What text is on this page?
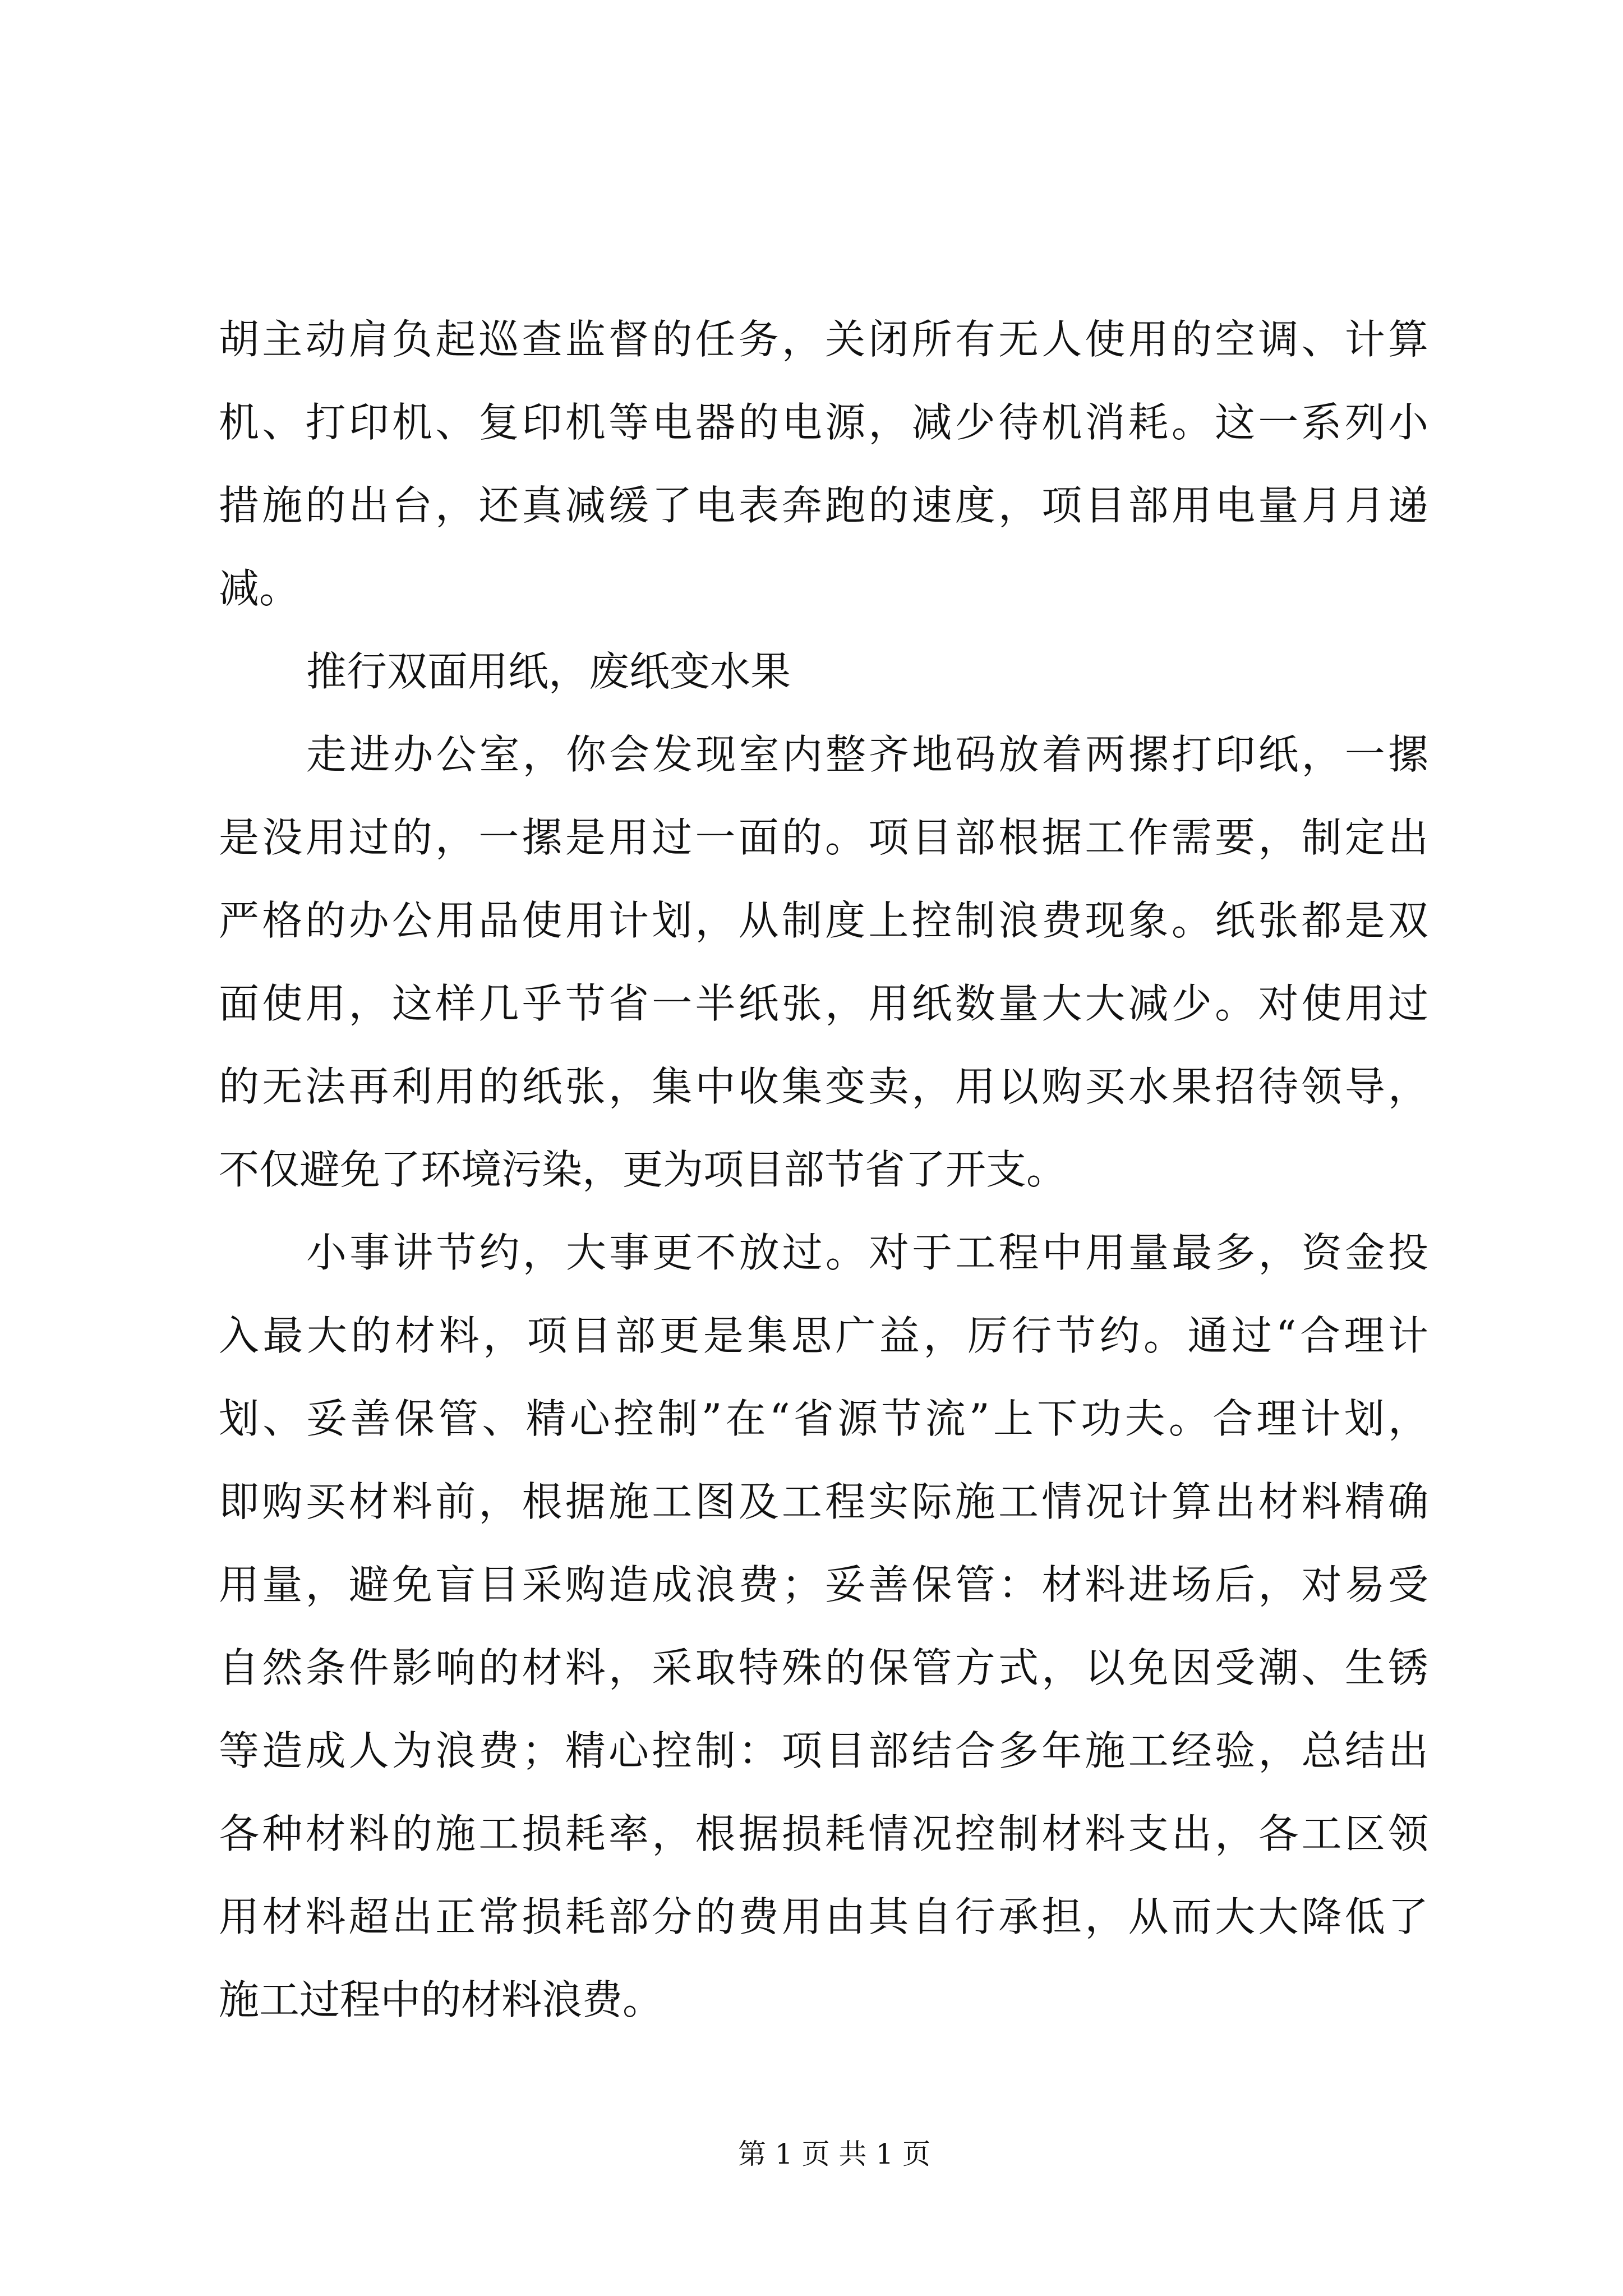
胡主动肩负起巡查监督的任务，关闭所有无人使用的空调、计算
机、打印机、复印机等电器的电源，减少待机消耗。这一系列小
措施的出台，还真减缓了电表奔跑的速度，项目部用电量月月递
减。
推行双面用纸，废纸变水果
走进办公室，你会发现室内整齐地码放着两摞打印纸，一摞
是没用过的，一摞是用过一面的。项目部根据工作需要，制定出
严格的办公用品使用计划，从制度上控制浪费现象。纸张都是双
面使用，这样几乎节省一半纸张，用纸数量大大减少。对使用过
的无法再利用的纸张，集中收集变卖，用以购买水果招待领导，
不仅避免了环境污染，更为项目部节省了开支。
小事讲节约，大事更不放过。对于工程中用量最多，资金投
入最大的材料，项目部更是集思广益，厉行节约。通过“合理计
划、妥善保管、精心控制”在“省源节流”上下功夫。合理计划，
即购买材料前，根据施工图及工程实际施工情况计算出材料精确
用量，避免盲目采购造成浪费；妥善保管：材料进场后，对易受
自然条件影响的材料，采取特殊的保管方式，以免因受潮、生锈
等造成人为浪费；精心控制：项目部结合多年施工经验，总结出
各种材料的施工损耗率，根据损耗情况控制材料支出，各工区领
用材料超出正常损耗部分的费用由其自行承担，从而大大降低了
施工过程中的材料浪费。
第 1 页 共 1 页
